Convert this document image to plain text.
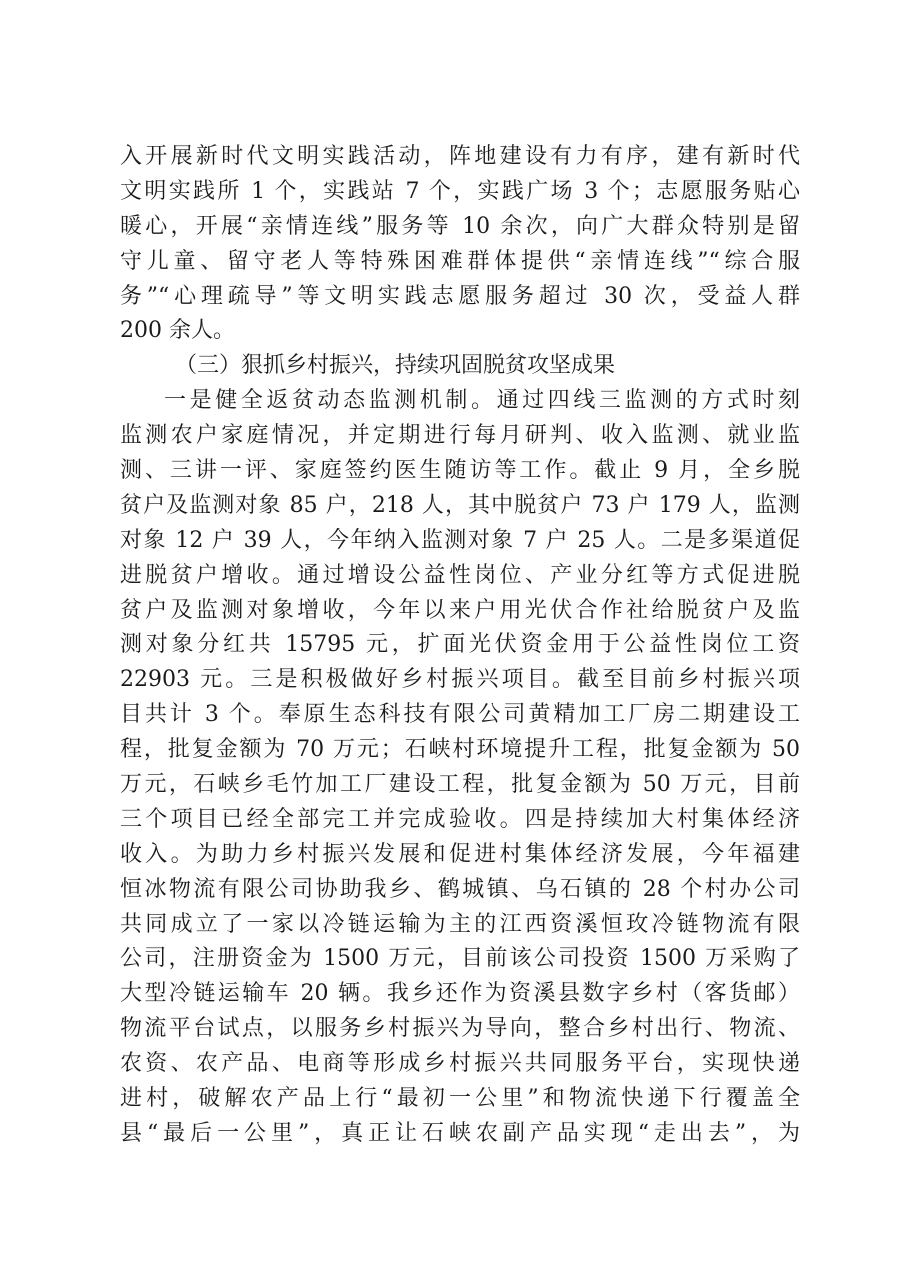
入开展新时代文明实践活动，阵地建设有力有序，建有新时代
文明实践所 1 个，实践站 7 个，实践广场 3 个；志愿服务贴心
暖心，开展“亲情连线”服务等 10 余次，向广大群众特别是留
守儿童、留守老人等特殊困难群体提供“亲情连线”“综合服
务”“心理疏导”等文明实践志愿服务超过 30 次，受益人群
200 余人。
（三）狠抓乡村振兴，持续巩固脱贫攻坚成果
一是健全返贫动态监测机制。通过四线三监测的方式时刻
监测农户家庭情况，并定期进行每月研判、收入监测、就业监
测、三讲一评、家庭签约医生随访等工作。截止 9 月，全乡脱
贫户及监测对象 85 户，218 人，其中脱贫户 73 户 179 人，监测
对象 12 户 39 人，今年纳入监测对象 7 户 25 人。二是多渠道促
进脱贫户增收。通过增设公益性岗位、产业分红等方式促进脱
贫户及监测对象增收，今年以来户用光伏合作社给脱贫户及监
测对象分红共 15795 元，扩面光伏资金用于公益性岗位工资
22903 元。三是积极做好乡村振兴项目。截至目前乡村振兴项
目共计 3 个。奉原生态科技有限公司黄精加工厂房二期建设工
程，批复金额为 70 万元；石峡村环境提升工程，批复金额为 50
万元，石峡乡毛竹加工厂建设工程，批复金额为 50 万元，目前
三个项目已经全部完工并完成验收。四是持续加大村集体经济
收入。为助力乡村振兴发展和促进村集体经济发展，今年福建
恒冰物流有限公司协助我乡、鹤城镇、乌石镇的 28 个村办公司
共同成立了一家以冷链运输为主的江西资溪恒玫冷链物流有限
公司，注册资金为 1500 万元，目前该公司投资 1500 万采购了
大型冷链运输车 20 辆。我乡还作为资溪县数字乡村（客货邮）
物流平台试点，以服务乡村振兴为导向，整合乡村出行、物流、
农资、农产品、电商等形成乡村振兴共同服务平台，实现快递
进村，破解农产品上行“最初一公里”和物流快递下行覆盖全
县“最后一公里”，真正让石峡农副产品实现“走出去”，为
